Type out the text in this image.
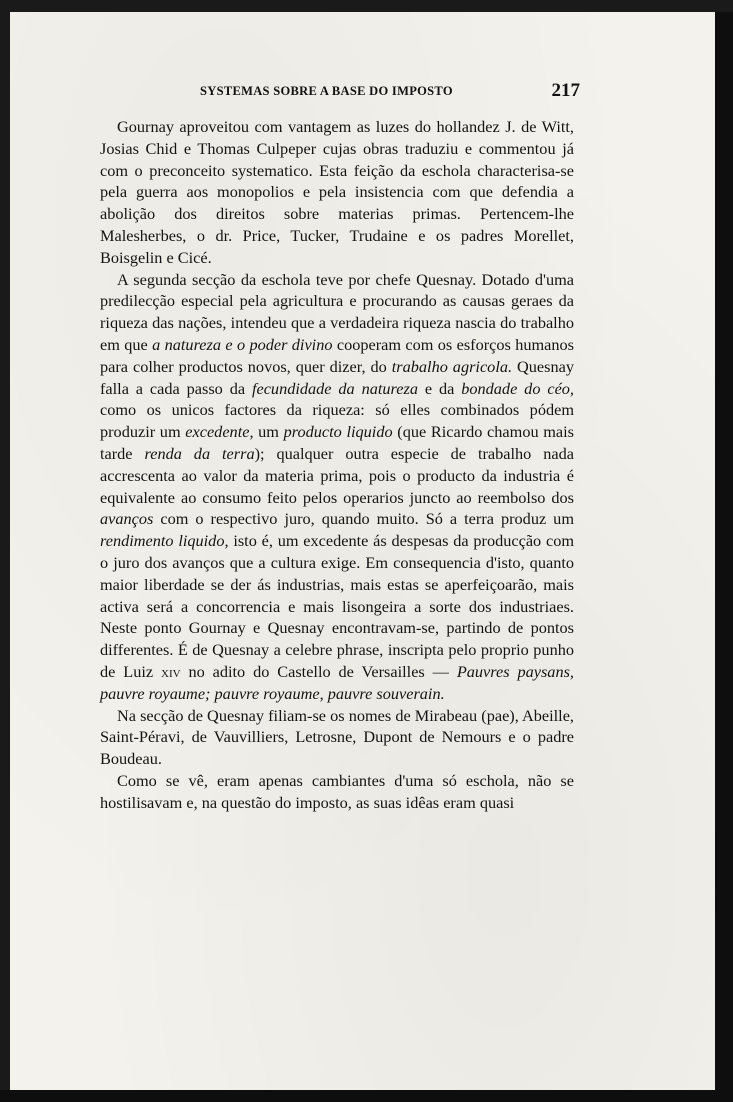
SYSTEMAS SOBRE A BASE DO IMPOSTO	217

Gournay aproveitou com vantagem as luzes do hollandez J. de Witt, Josias Chid e Thomas Culpeper cujas obras traduziu e commentou já com o preconceito systematico. Esta feição da eschola characterisa-se pela guerra aos monopolios e pela insistencia com que defendia a abolição dos direitos sobre materias primas. Pertencem-lhe Malesherbes, o dr. Price, Tucker, Trudaine e os padres Morellet, Boisgelin e Cicé.

A segunda secção da eschola teve por chefe Quesnay. Dotado d'uma predilecção especial pela agricultura e procurando as causas geraes da riqueza das nações, intendeu que a verdadeira riqueza nascia do trabalho em que a natureza e o poder divino cooperam com os esforços humanos para colher productos novos, quer dizer, do trabalho agricola. Quesnay falla a cada passo da fecundidade da natureza e da bondade do céo, como os unicos factores da riqueza: só elles combinados pódem produzir um excedente, um producto liquido (que Ricardo chamou mais tarde renda da terra); qualquer outra especie de trabalho nada accrescenta ao valor da materia prima, pois o producto da industria é equivalente ao consumo feito pelos operarios juncto ao reembolso dos avanços com o respectivo juro, quando muito. Só a terra produz um rendimento liquido, isto é, um excedente ás despesas da producção com o juro dos avanços que a cultura exige. Em consequencia d'isto, quanto maior liberdade se der ás industrias, mais estas se aperfeiçoarão, mais activa será a concorrencia e mais lisongeira a sorte dos industriaes. Neste ponto Gournay e Quesnay encontravam-se, partindo de pontos differentes. É de Quesnay a celebre phrase, inscripta pelo proprio punho de Luiz xiv no adito do Castello de Versailles — Pauvres paysans, pauvre royaume; pauvre royaume, pauvre souverain.

Na secção de Quesnay filiam-se os nomes de Mirabeau (pae), Abeille, Saint-Péravi, de Vauvilliers, Letrosne, Dupont de Nemours e o padre Boudeau.

Como se vê, eram apenas cambiantes d'uma só eschola, não se hostilisavam e, na questão do imposto, as suas idêas eram quasi
